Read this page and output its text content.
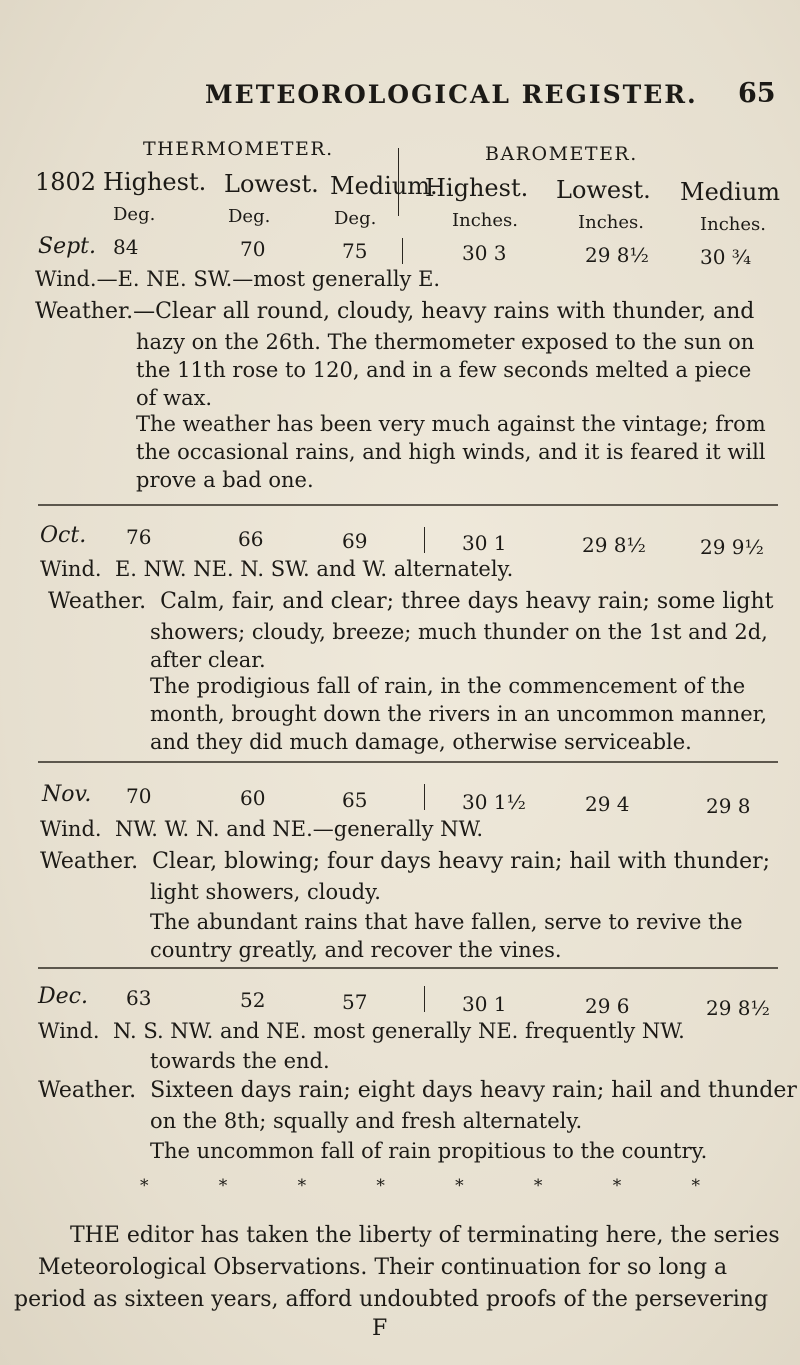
METEOROLOGICAL REGISTER. 65
THERMOMETER.	BAROMETER.
1802 Highest. Lowest. Medium.
Highest. Lowest. Medium
Deg.	Deg.	Deg.	Inches.	Inches.	Inches.
Sept. 84	70	75	30 3	29 8½	30 ¾
Wind.—E. NE. SW.—most generally E.
Weather.—Clear all round, cloudy, heavy rains with thunder, and
hazy on the 26th. The thermometer exposed to the sun on the 11th rose to 120, and in a few seconds melted a piece of wax.
The weather has been very much against the vintage; from the occasional rains, and high winds, and it is feared it will prove a bad one.
Oct. 76	66	69	30 1	29 8½	29 9½
Wind. E. NW. NE. N. SW. and W. alternately.
Weather. Calm, fair, and clear; three days heavy rain; some light
showers; cloudy, breeze; much thunder on the 1st and 2d, after clear.
The prodigious fall of rain, in the commencement of the month, brought down the rivers in an uncommon manner, and they did much damage, otherwise serviceable.
Nov. 70	60	65	30 1½	29 4	29 8
Wind. NW. W. N. and NE.—generally NW.
Weather. Clear, blowing; four days heavy rain; hail with thunder;
light showers, cloudy.
The abundant rains that have fallen, serve to revive the country greatly, and recover the vines.
Dec. 63	52	57	30 1	29 6	29 8½
Wind. N. S. NW. and NE. most generally NE. frequently NW.
towards the end.
Weather. Sixteen days rain; eight days heavy rain; hail and thunder
on the 8th; squally and fresh alternately.
The uncommon fall of rain propitious to the country.
*	*	*	*	*	*	*	*
THE editor has taken the liberty of terminating here, the series
Meteorological Observations. Their continuation for so long a
period as sixteen years, afford undoubted proofs of the persevering
F
